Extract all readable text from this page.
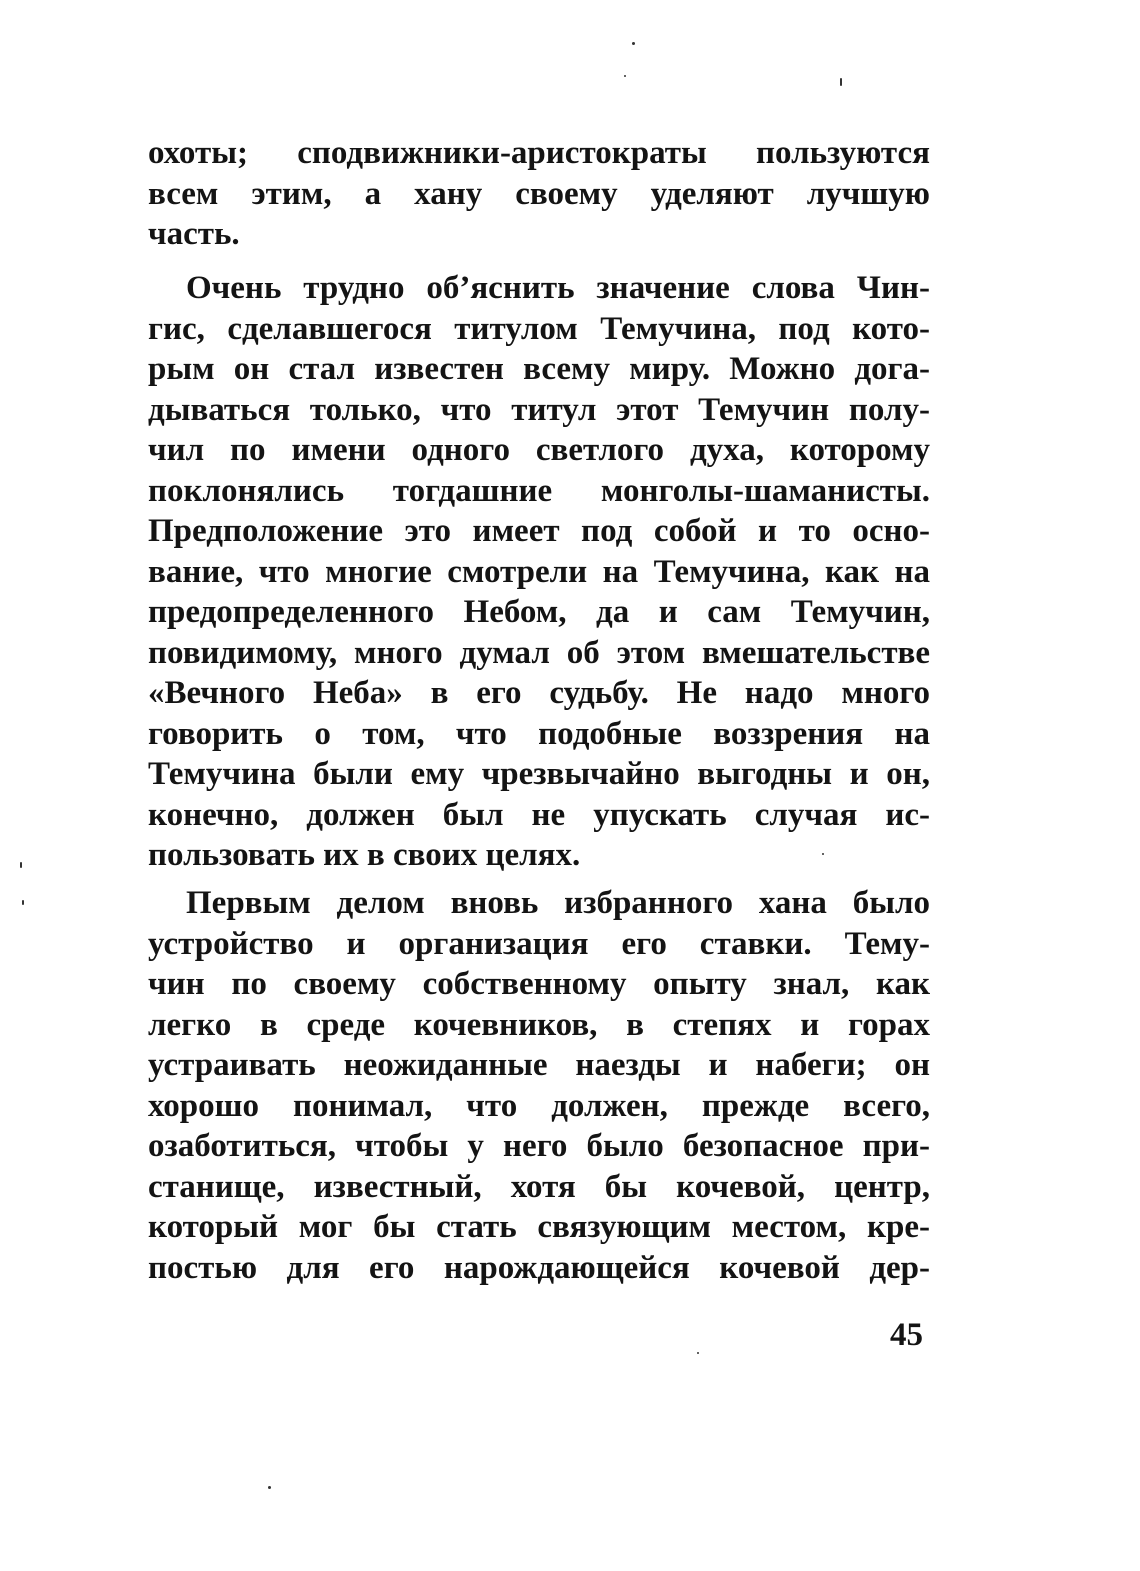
охоты; сподвижники-аристократы пользуются
всем этим, а хану своему уделяют лучшую
часть.
Очень трудно об’яснить значение слова Чин-
гис, сделавшегося титулом Темучина, под кото-
рым он стал известен всему миру. Можно дога-
дываться только, что титул этот Темучин полу-
чил по имени одного светлого духа, которому
поклонялись тогдашние монголы-шаманисты.
Предположение это имеет под собой и то осно-
вание, что многие смотрели на Темучина, как на
предопределенного Небом, да и сам Темучин,
повидимому, много думал об этом вмешательстве
«Вечного Неба» в его судьбу. Не надо много
говорить о том, что подобные воззрения на
Темучина были ему чрезвычайно выгодны и он,
конечно, должен был не упускать случая ис-
пользовать их в своих целях.
Первым делом вновь избранного хана было
устройство и организация его ставки. Тему-
чин по своему собственному опыту знал, как
легко в среде кочевников, в степях и горах
устраивать неожиданные наезды и набеги; он
хорошо понимал, что должен, прежде всего,
озаботиться, чтобы у него было безопасное при-
станище, известный, хотя бы кочевой, центр,
который мог бы стать связующим местом, кре-
постью для его нарождающейся кочевой дер-
45
